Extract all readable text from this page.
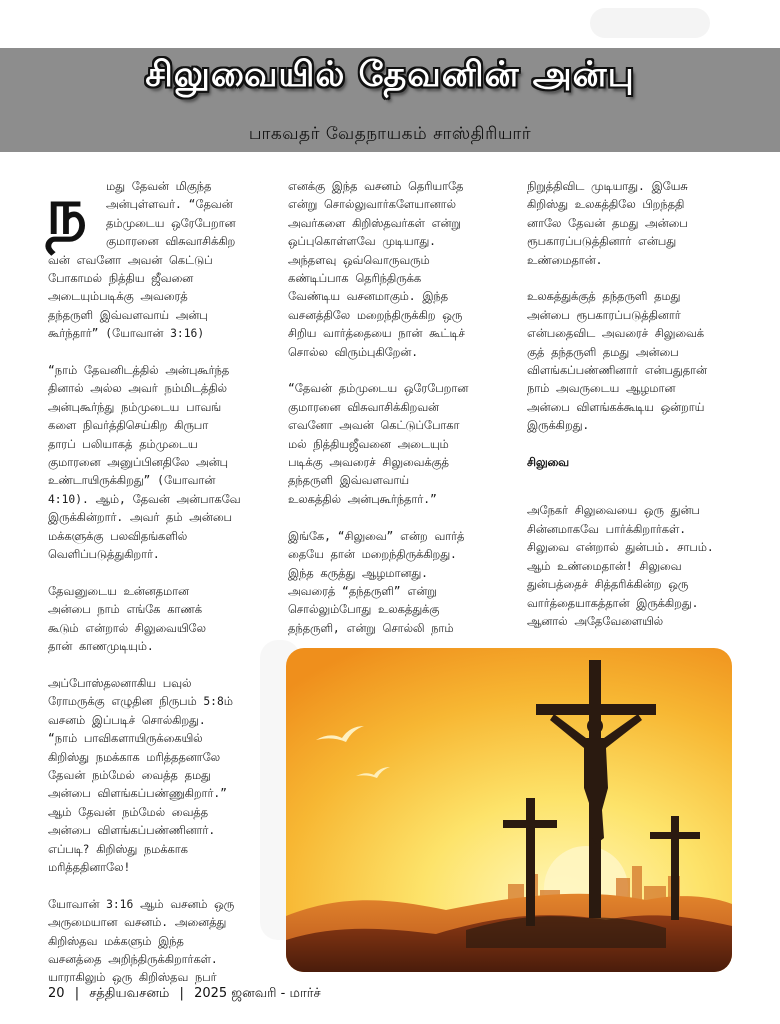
சிலுவையில் தேவனின் அன்பு
பாகவதர் வேதநாயகம் சாஸ்திரியார்
ந	மது தேவன் மிகுந்த
அன்புள்ளவர். “தேவன்
தம்முடைய ஒரேபேறான
குமாரனை விசுவாசிக்கிற
வன் எவனோ அவன் கெட்டுப்
போகாமல் நித்திய ஜீவனை
அடையும்படிக்கு அவரைத்
தந்தருளி இவ்வளவாய் அன்பு
கூர்ந்தார்” (யோவான் 3:16)

“நாம் தேவனிடத்தில் அன்புகூர்ந்த
தினால் அல்ல அவர் நம்மிடத்தில்
அன்புகூர்ந்து நம்முடைய பாவங்
களை நிவர்த்திசெய்கிற கிருபா
தாரப் பலியாகத் தம்முடைய
குமாரனை அனுப்பினதிலே அன்பு
உண்டாயிருக்கிறது” (யோவான்
4:10). ஆம், தேவன் அன்பாகவே
இருக்கின்றார். அவர் தம் அன்பை
மக்களுக்கு பலவிதங்களில்
வெளிப்படுத்துகிறார்.

தேவனுடைய உன்னதமான
அன்பை நாம் எங்கே காணக்
கூடும் என்றால் சிலுவையிலே
தான் காணமுடியும்.

அப்போஸ்தலனாகிய பவுல்
ரோமருக்கு எழுதின நிருபம் 5:8ம்
வசனம் இப்படிச் சொல்கிறது.
“நாம் பாவிகளாயிருக்கையில்
கிறிஸ்து நமக்காக மரித்ததனாலே
தேவன் நம்மேல் வைத்த தமது
அன்பை விளங்கப்பண்ணுகிறார்.”
ஆம் தேவன் நம்மேல் வைத்த
அன்பை விளங்கப்பண்ணினார்.
எப்படி? கிறிஸ்து நமக்காக
மரித்ததினாலே!

யோவான் 3:16 ஆம் வசனம் ஒரு
அருமையான வசனம். அனைத்து
கிறிஸ்தவ மக்களும் இந்த
வசனத்தை அறிந்திருக்கிறார்கள்.
யாராகிலும் ஒரு கிறிஸ்தவ நபர்

எனக்கு இந்த வசனம் தெரியாதே
என்று சொல்லுவார்களேயானால்
அவர்களை கிறிஸ்தவர்கள் என்று
ஒப்புகொள்ளவே முடியாது.
அந்தளவு ஒவ்வொருவரும்
கண்டிப்பாக தெரிந்திருக்க
வேண்டிய வசனமாகும். இந்த
வசனத்திலே மறைந்திருக்கிற ஒரு
சிறிய வார்த்தையை நான் கூட்டிச்
சொல்ல விரும்புகிறேன்.

“தேவன் தம்முடைய ஒரேபேறான
குமாரனை விசுவாசிக்கிறவன்
எவனோ அவன் கெட்டுப்போகா
மல் நித்தியஜீவனை அடையும்
படிக்கு அவரைச் சிலுவைக்குத்
தந்தருளி இவ்வளவாய்
உலகத்தில் அன்புகூர்ந்தார்.”

இங்கே, “சிலுவை” என்ற வார்த்
தையே தான் மறைந்திருக்கிறது.
இந்த கருத்து ஆழமானது.
அவரைத் “தந்தருளி” என்று
சொல்லும்போது உலகத்துக்கு
தந்தருளி, என்று சொல்லி நாம்

நிறுத்திவிட முடியாது. இயேசு
கிறிஸ்து உலகத்திலே பிறந்ததி
னாலே தேவன் தமது அன்பை
ரூபகாரப்படுத்தினார் என்பது
உண்மைதான்.

உலகத்துக்குத் தந்தருளி தமது
அன்பை ரூபகாரப்படுத்தினார்
என்பதைவிட அவரைச் சிலுவைக்
குத் தந்தருளி தமது அன்பை
விளங்கப்பண்ணினார் என்பதுதான்
நாம் அவருடைய ஆழமான
அன்பை விளங்கக்கூடிய ஒன்றாய்
இருக்கிறது.

சிலுவை

அநேகர் சிலுவையை ஒரு துன்ப
சின்னமாகவே பார்க்கிறார்கள்.
சிலுவை என்றால் துன்பம். சாபம்.
ஆம் உண்மைதான்! சிலுவை
துன்பத்தைச் சித்தரிக்கின்ற ஒரு
வார்த்தையாகத்தான் இருக்கிறது.
ஆனால் அதேவேளையில்

20 | சத்தியவசனம் | 2025 ஜனவரி - மார்ச்
